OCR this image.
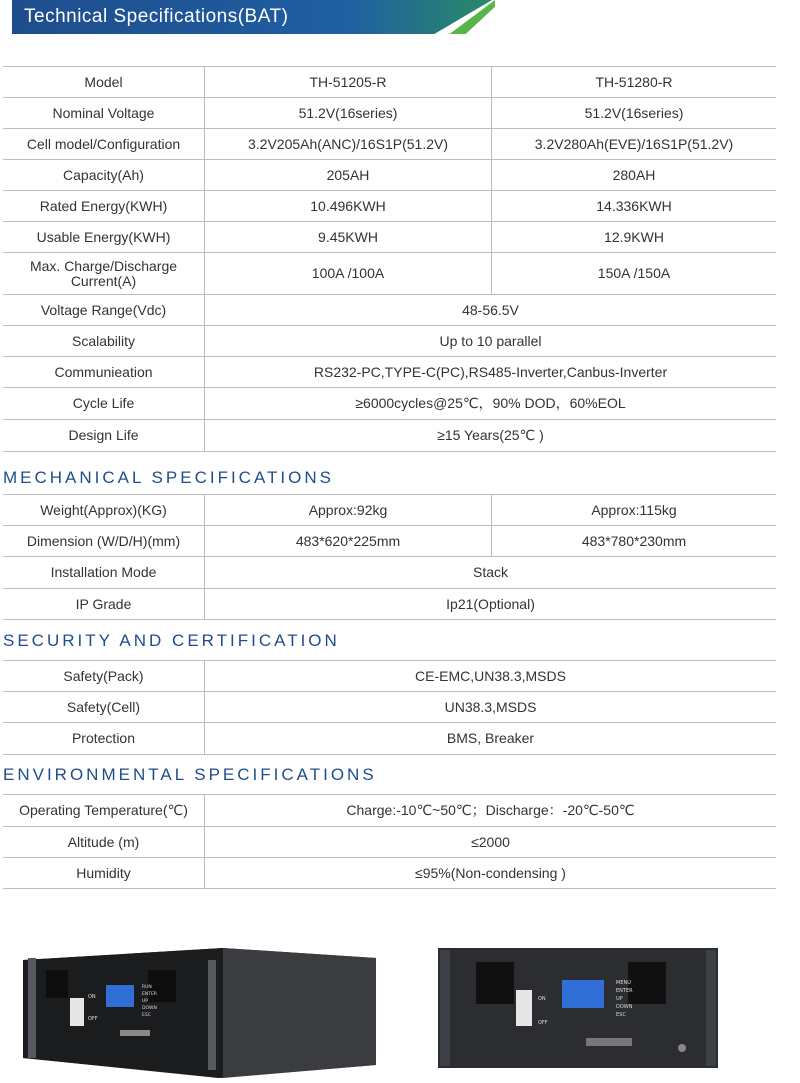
Technical Specifications(BAT)
Model	TH-51205-R	TH-51280-R
Nominal Voltage	51.2V(16series)	51.2V(16series)
Cell model/Configuration	3.2V205Ah(ANC)/16S1P(51.2V)	3.2V280Ah(EVE)/16S1P(51.2V)
Capacity(Ah)	205AH	280AH
Rated Energy(KWH)	10.496KWH	14.336KWH
Usable Energy(KWH)	9.45KWH	12.9KWH
Max. Charge/Discharge Current(A)	100A /100A	150A /150A
Voltage Range(Vdc)	48-56.5V	
Scalability	Up to 10 parallel	
Communieation	RS232-PC,TYPE-C(PC),RS485-Inverter,Canbus-Inverter	
Cycle Life	≥6000cycles@25℃，90% DOD，60%EOL	
Design Life	≥15 Years(25℃ )	
MECHANICAL SPECIFICATIONS
Weight(Approx)(KG)	Approx:92kg	Approx:115kg
Dimension (W/D/H)(mm)	483*620*225mm	483*780*230mm
Installation Mode	Stack	
IP Grade	Ip21(Optional)	
SECURITY AND CERTIFICATION
Safety(Pack)	CE-EMC,UN38.3,MSDS
Safety(Cell)	UN38.3,MSDS
Protection	BMS, Breaker
ENVIRONMENTAL SPECIFICATIONS
Operating Temperature(℃)	Charge:-10℃~50℃；Discharge：-20℃-50℃
Altitude (m)	≤2000
Humidity	≤95%(Non-condensing )
ON
OFF
RUN
ENTER
UP
DOWN
ESC
ON
OFF
MENU
ENTER
UP
DOWN
ESC
